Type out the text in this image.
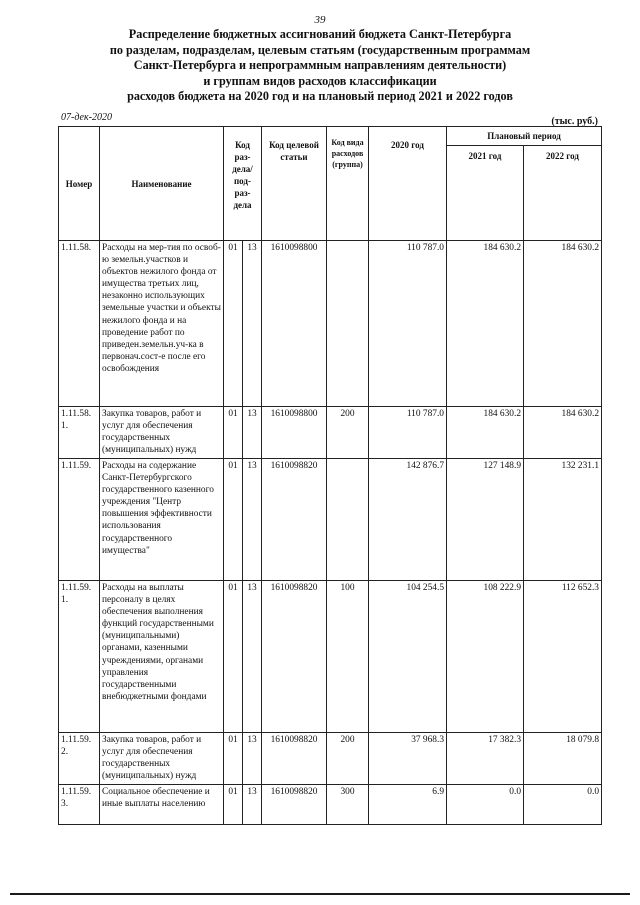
39
Распределение бюджетных ассигнований бюджета Санкт-Петербурга
по разделам, подразделам, целевым статьям (государственным программам
Санкт-Петербурга и непрограммным направлениям деятельности)
и группам видов расходов классификации
расходов бюджета на 2020 год и на плановый период 2021 и 2022 годов
07-дек-2020	(тыс. руб.)
Номер	Наименование	Код раз-дела/ под-раз-дела		Код целевой статьи	Код вида расходов (группа)	2020 год	Плановый период	
							2021 год	2022 год
1.11.58.	Расходы на мер-тия по освоб-ю земельн.участков и объектов нежилого фонда от имущества третьих лиц, незаконно использующих земельные участки и объекты нежилого фонда и на проведение работ по приведен.земельн.уч-ка в первонач.сост-е после его освобождения	01	13	1610098800		110 787.0	184 630.2	184 630.2
1.11.58. 1.	Закупка товаров, работ и услуг для обеспечения государственных (муниципальных) нужд	01	13	1610098800	200	110 787.0	184 630.2	184 630.2
1.11.59.	Расходы на содержание Санкт-Петербургского государственного казенного учреждения "Центр повышения эффективности использования государственного имущества"	01	13	1610098820		142 876.7	127 148.9	132 231.1
1.11.59. 1.	Расходы на выплаты персоналу в целях обеспечения выполнения функций государственными (муниципальными) органами, казенными учреждениями, органами управления государственными внебюджетными фондами	01	13	1610098820	100	104 254.5	108 222.9	112 652.3
1.11.59. 2.	Закупка товаров, работ и услуг для обеспечения государственных (муниципальных) нужд	01	13	1610098820	200	37 968.3	17 382.3	18 079.8
1.11.59. 3.	Социальное обеспечение и иные выплаты населению	01	13	1610098820	300	6.9	0.0	0.0
